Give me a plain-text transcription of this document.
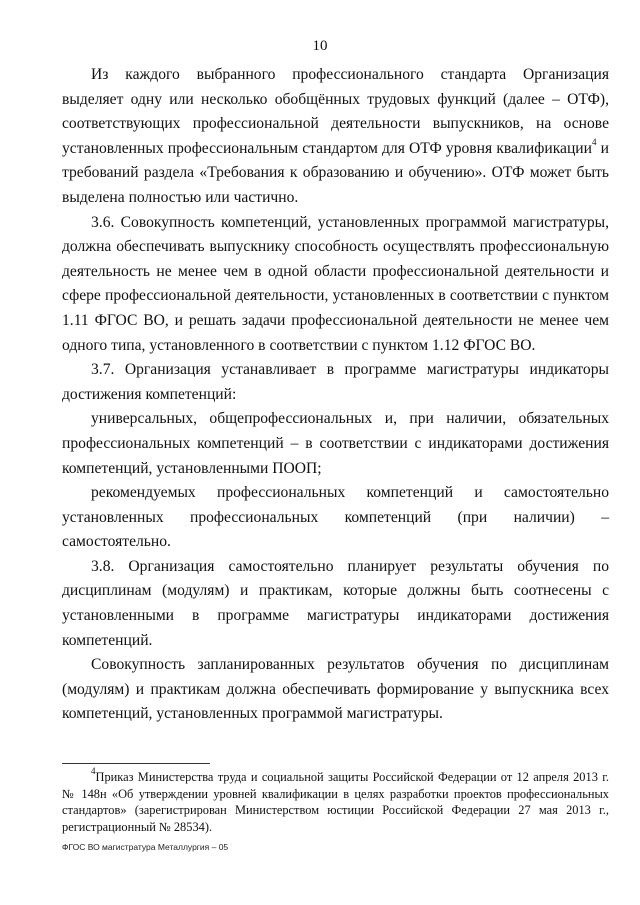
10

Из каждого выбранного профессионального стандарта Организация выделяет одну или несколько обобщённых трудовых функций (далее – ОТФ), соответствующих профессиональной деятельности выпускников, на основе установленных профессиональным стандартом для ОТФ уровня квалификации$^4$ и требований раздела «Требования к образованию и обучению». ОТФ может быть выделена полностью или частично.

3.6. Совокупность компетенций, установленных программой магистратуры, должна обеспечивать выпускнику способность осуществлять профессиональную деятельность не менее чем в одной области профессиональной деятельности и сфере профессиональной деятельности, установленных в соответствии с пунктом 1.11 ФГОС ВО, и решать задачи профессиональной деятельности не менее чем одного типа, установленного в соответствии с пунктом 1.12 ФГОС ВО.

3.7. Организация устанавливает в программе магистратуры индикаторы достижения компетенций:

универсальных, общепрофессиональных и, при наличии, обязательных профессиональных компетенций – в соответствии с индикаторами достижения компетенций, установленными ПООП;

рекомендуемых профессиональных компетенций и самостоятельно установленных профессиональных компетенций (при наличии) – самостоятельно.

3.8. Организация самостоятельно планирует результаты обучения по дисциплинам (модулям) и практикам, которые должны быть соотнесены с установленными в программе магистратуры индикаторами достижения компетенций.

Совокупность запланированных результатов обучения по дисциплинам (модулям) и практикам должна обеспечивать формирование у выпускника всех компетенций, установленных программой магистратуры.

$^4$Приказ Министерства труда и социальной защиты Российской Федерации от 12 апреля 2013 г. № 148н «Об утверждении уровней квалификации в целях разработки проектов профессиональных стандартов» (зарегистрирован Министерством юстиции Российской Федерации 27 мая 2013 г., регистрационный № 28534).

ФГОС ВО магистратура Металлургия – 05
